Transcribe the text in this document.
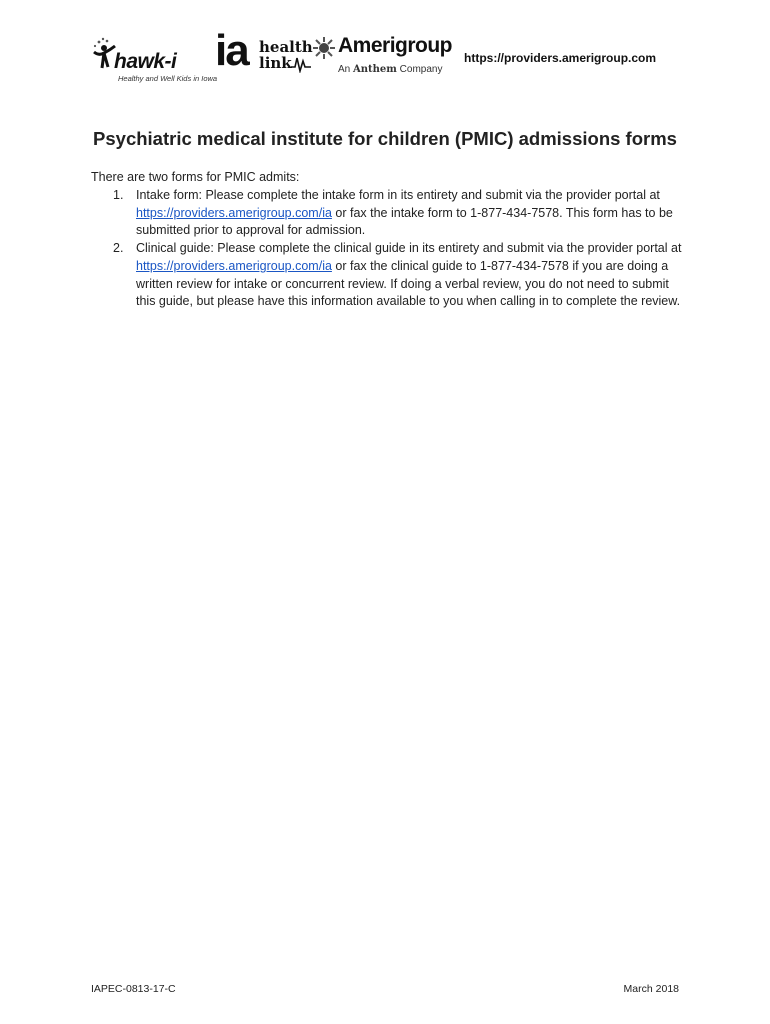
hawk-i
Healthy and Well Kids in Iowa
ia health
link
Amerigroup
An Anthem Company
https://providers.amerigroup.com
Psychiatric medical institute for children (PMIC) admissions forms
There are two forms for PMIC admits:
1. Intake form: Please complete the intake form in its entirety and submit via the provider portal at https://providers.amerigroup.com/ia or fax the intake form to 1-877-434-7578. This form has to be submitted prior to approval for admission.
2. Clinical guide: Please complete the clinical guide in its entirety and submit via the provider portal at https://providers.amerigroup.com/ia or fax the clinical guide to 1-877-434-7578 if you are doing a written review for intake or concurrent review. If doing a verbal review, you do not need to submit this guide, but please have this information available to you when calling in to complete the review.
IAPEC-0813-17-C	March 2018
